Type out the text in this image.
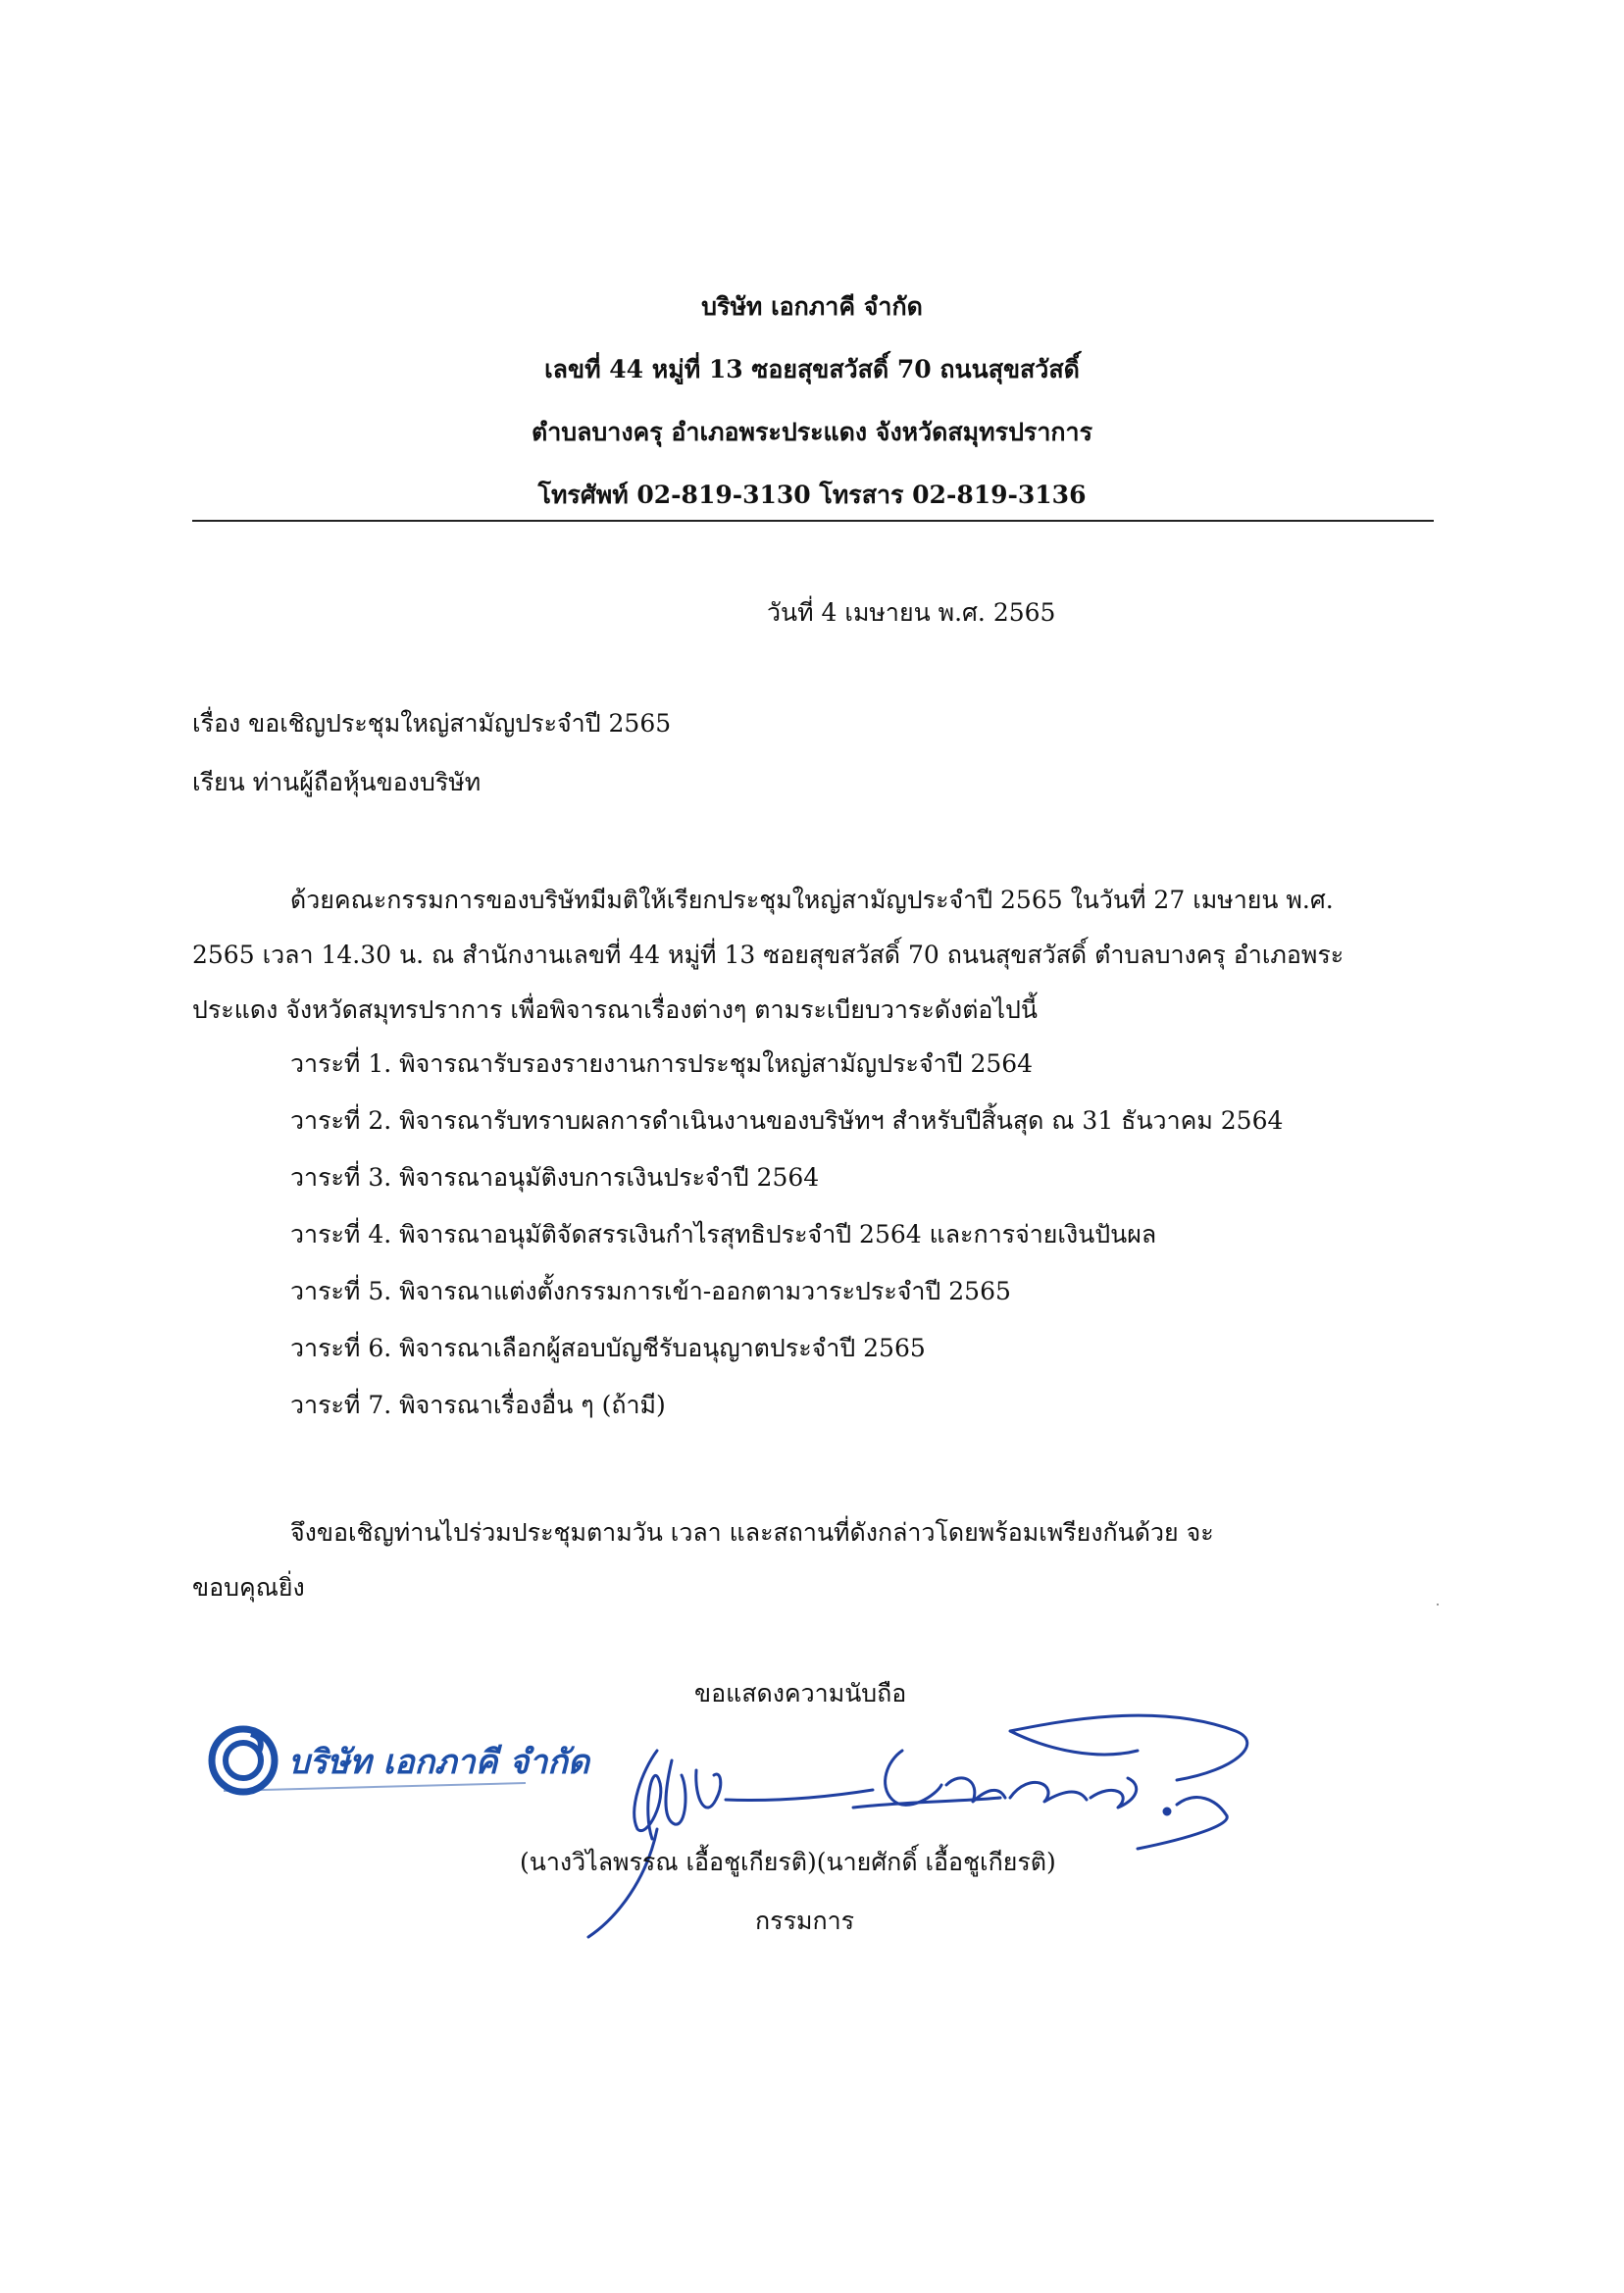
บริษัท เอกภาคี จำกัด
เลขที่ 44 หมู่ที่ 13 ซอยสุขสวัสดิ์ 70 ถนนสุขสวัสดิ์
ตำบลบางครุ อำเภอพระประแดง จังหวัดสมุทรปราการ
โทรศัพท์ 02-819-3130 โทรสาร 02-819-3136
วันที่ 4 เมษายน พ.ศ. 2565
เรื่อง ขอเชิญประชุมใหญ่สามัญประจำปี 2565
เรียน ท่านผู้ถือหุ้นของบริษัท
ด้วยคณะกรรมการของบริษัทมีมติให้เรียกประชุมใหญ่สามัญประจำปี 2565 ในวันที่ 27 เมษายน พ.ศ.
2565 เวลา 14.30 น. ณ สำนักงานเลขที่ 44 หมู่ที่ 13 ซอยสุขสวัสดิ์ 70 ถนนสุขสวัสดิ์ ตำบลบางครุ อำเภอพระ
ประแดง จังหวัดสมุทรปราการ เพื่อพิจารณาเรื่องต่างๆ ตามระเบียบวาระดังต่อไปนี้
วาระที่ 1. พิจารณารับรองรายงานการประชุมใหญ่สามัญประจำปี 2564
วาระที่ 2. พิจารณารับทราบผลการดำเนินงานของบริษัทฯ สำหรับปีสิ้นสุด ณ 31 ธันวาคม 2564
วาระที่ 3. พิจารณาอนุมัติงบการเงินประจำปี 2564
วาระที่ 4. พิจารณาอนุมัติจัดสรรเงินกำไรสุทธิประจำปี 2564 และการจ่ายเงินปันผล
วาระที่ 5. พิจารณาแต่งตั้งกรรมการเข้า-ออกตามวาระประจำปี 2565
วาระที่ 6. พิจารณาเลือกผู้สอบบัญชีรับอนุญาตประจำปี 2565
วาระที่ 7. พิจารณาเรื่องอื่น ๆ (ถ้ามี)
จึงขอเชิญท่านไปร่วมประชุมตามวัน เวลา และสถานที่ดังกล่าวโดยพร้อมเพรียงกันด้วย จะ
ขอบคุณยิ่ง
ขอแสดงความนับถือ
บริษัท เอกภาคี จำกัด
(นางวิไลพรรณ เอื้อชูเกียรติ)(นายศักดิ์ เอื้อชูเกียรติ)
กรรมการ
